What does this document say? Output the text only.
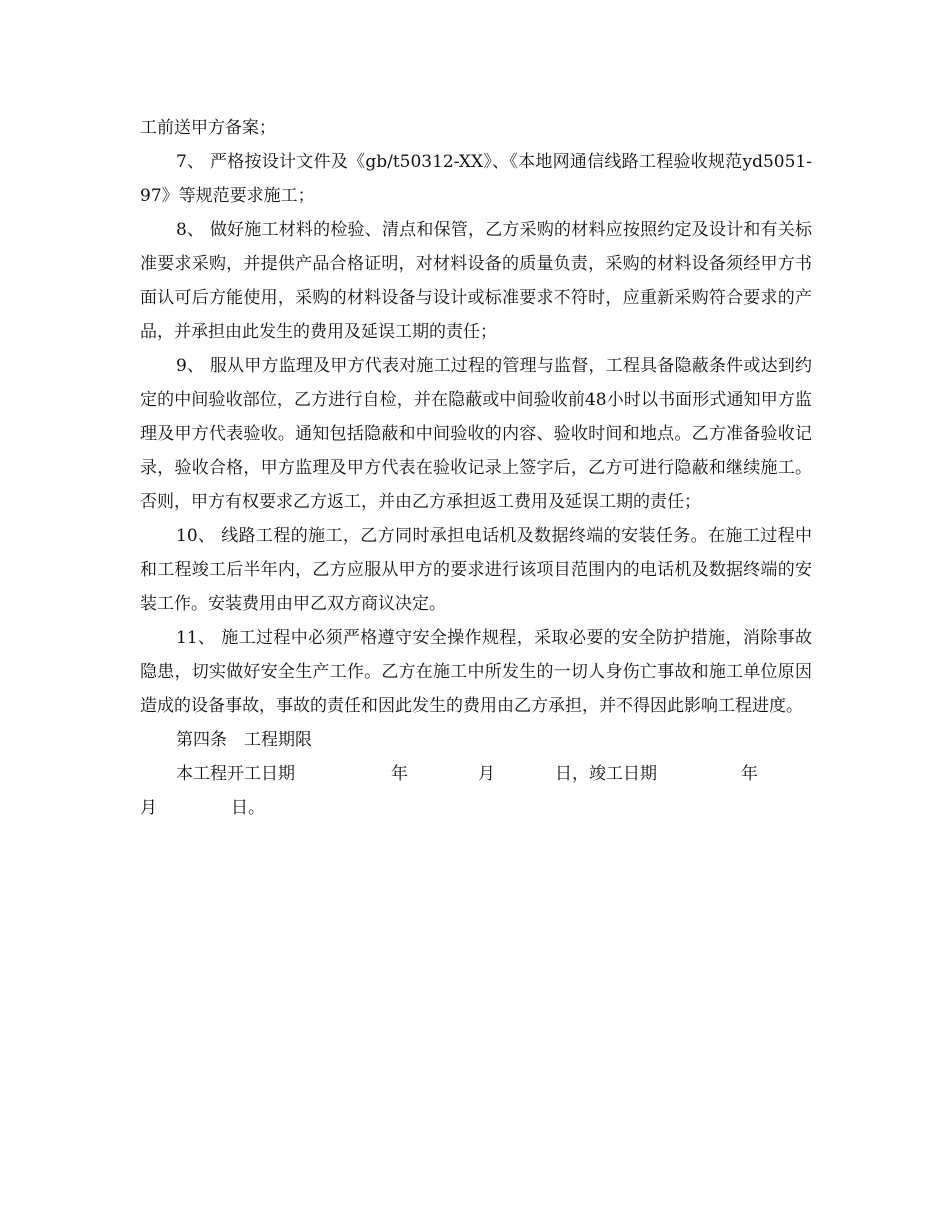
工前送甲方备案；

7、 严格按设计文件及《gb/t50312-XX》、《本地网通信线路工程验收规范yd5051-97》等规范要求施工；

8、 做好施工材料的检验、清点和保管，乙方采购的材料应按照约定及设计和有关标准要求采购，并提供产品合格证明，对材料设备的质量负责，采购的材料设备须经甲方书面认可后方能使用，采购的材料设备与设计或标准要求不符时，应重新采购符合要求的产品，并承担由此发生的费用及延误工期的责任；

9、 服从甲方监理及甲方代表对施工过程的管理与监督，工程具备隐蔽条件或达到约定的中间验收部位，乙方进行自检，并在隐蔽或中间验收前48小时以书面形式通知甲方监理及甲方代表验收。通知包括隐蔽和中间验收的内容、验收时间和地点。乙方准备验收记录，验收合格，甲方监理及甲方代表在验收记录上签字后，乙方可进行隐蔽和继续施工。否则，甲方有权要求乙方返工，并由乙方承担返工费用及延误工期的责任；

10、 线路工程的施工，乙方同时承担电话机及数据终端的安装任务。在施工过程中和工程竣工后半年内，乙方应服从甲方的要求进行该项目范围内的电话机及数据终端的安装工作。安装费用由甲乙双方商议决定。

11、 施工过程中必须严格遵守安全操作规程，采取必要的安全防护措施，消除事故隐患，切实做好安全生产工作。乙方在施工中所发生的一切人身伤亡事故和施工单位原因造成的设备事故，事故的责任和因此发生的费用由乙方承担，并不得因此影响工程进度。

第四条　工程期限

本工程开工日期	年	月	日，竣工日期	年
月	日。
